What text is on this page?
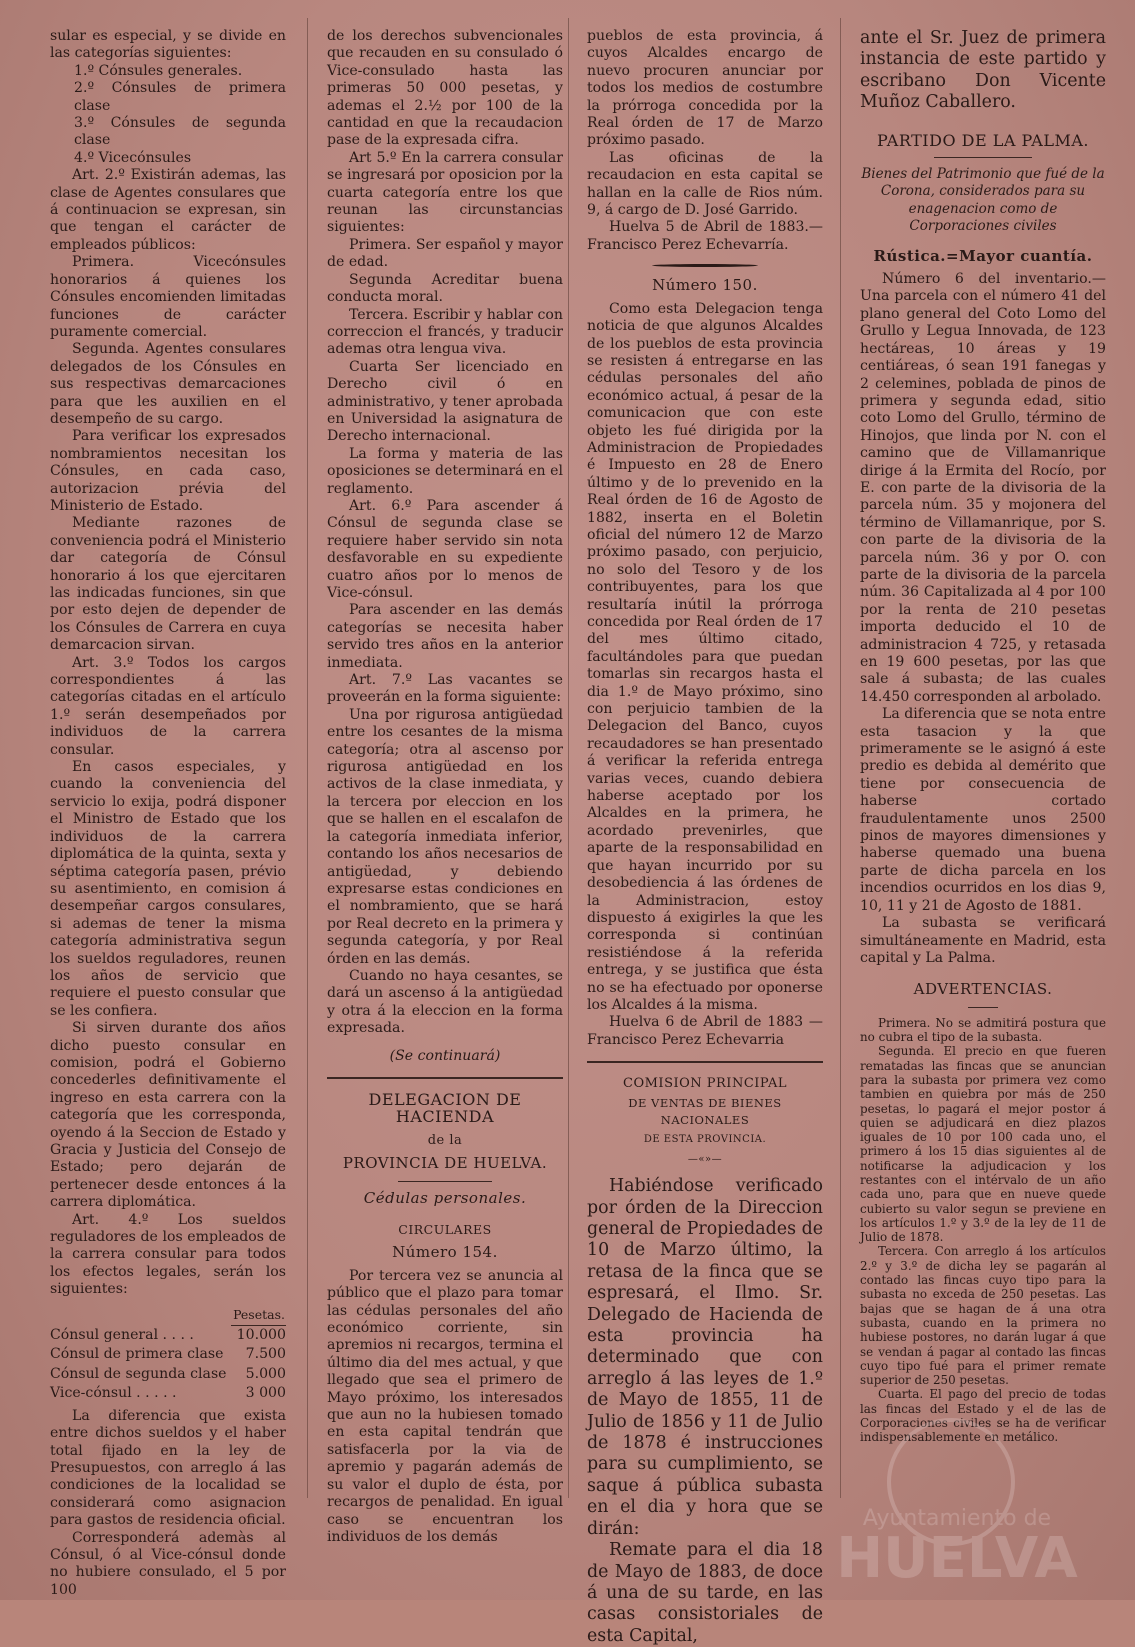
sular es especial, y se divide en las categorías siguientes:

1.º Cónsules generales.

2.º Cónsules de primera clase

3.º Cónsules de segunda clase

4.º Vicecónsules

Art. 2.º Existirán ademas, las clase de Agentes consulares que á continuacion se expresan, sin que tengan el carácter de empleados públicos:

Primera. Vicecónsules honorarios á quienes los Cónsules encomienden limitadas funciones de carácter puramente comercial.

Segunda. Agentes consulares delegados de los Cónsules en sus respectivas demarcaciones para que les auxilien en el desempeño de su cargo.

Para verificar los expresados nombramientos necesitan los Cónsules, en cada caso, autorizacion prévia del Ministerio de Estado.

Mediante razones de conveniencia podrá el Ministerio dar categoría de Cónsul honorario á los que ejercitaren las indicadas funciones, sin que por esto dejen de depender de los Cónsules de Carrera en cuya demarcacion sirvan.

Art. 3.º Todos los cargos correspondientes á las categorías citadas en el artículo 1.º serán desempeñados por individuos de la carrera consular.

En casos especiales, y cuando la conveniencia del servicio lo exija, podrá disponer el Ministro de Estado que los individuos de la carrera diplomática de la quinta, sexta y séptima categoría pasen, prévio su asentimiento, en comision á desempeñar cargos consulares, si ademas de tener la misma categoría administrativa segun los sueldos reguladores, reunen los años de servicio que requiere el puesto consular que se les confiera.

Si sirven durante dos años dicho puesto consular en comision, podrá el Gobierno concederles definitivamente el ingreso en esta carrera con la categoría que les corresponda, oyendo á la Seccion de Estado y Gracia y Justicia del Consejo de Estado; pero dejarán de pertenecer desde entonces á la carrera diplomática.

Art. 4.º Los sueldos reguladores de los empleados de la carrera consular para todos los efectos legales, serán los siguientes:

	Pesetas.
Cónsul general . . . .	10.000
Cónsul de primera clase	7.500
Cónsul de segunda clase	5.000
Vice-cónsul . . . . .	3 000

La diferencia que exista entre dichos sueldos y el haber total fijado en la ley de Presupuestos, con arreglo á las condiciones de la localidad se considerará como asignacion para gastos de residencia oficial.

Corresponderá ademàs al Cónsul, ó al Vice-cónsul donde no hubiere consulado, el 5 por 100

de los derechos subvencionales que recauden en su consulado ó Vice-consulado hasta las primeras 50 000 pesetas, y ademas el 2.½ por 100 de la cantidad en que la recaudacion pase de la expresada cifra.

Art 5.º En la carrera consular se ingresará por oposicion por la cuarta categoría entre los que reunan las circunstancias siguientes:

Primera. Ser español y mayor de edad.

Segunda Acreditar buena conducta moral.

Tercera. Escribir y hablar con correccion el francés, y traducir ademas otra lengua viva.

Cuarta Ser licenciado en Derecho civil ó en administrativo, y tener aprobada en Universidad la asignatura de Derecho internacional.

La forma y materia de las oposiciones se determinará en el reglamento.

Art. 6.º Para ascender á Cónsul de segunda clase se requiere haber servido sin nota desfavorable en su expediente cuatro años por lo menos de Vice-cónsul.

Para ascender en las demás categorías se necesita haber servido tres años en la anterior inmediata.

Art. 7.º Las vacantes se proveerán en la forma siguiente:

Una por rigurosa antigüedad entre los cesantes de la misma categoría; otra al ascenso por rigurosa antigüedad en los activos de la clase inmediata, y la tercera por eleccion en los que se hallen en el escalafon de la categoría inmediata inferior, contando los años necesarios de antigüedad, y debiendo expresarse estas condiciones en el nombramiento, que se hará por Real decreto en la primera y segunda categoría, y por Real órden en las demás.

Cuando no haya cesantes, se dará un ascenso á la antigüedad y otra á la eleccion en la forma expresada.

(Se continuará)

DELEGACION DE HACIENDA
de la
PROVINCIA DE HUELVA.
Cédulas personales.
CIRCULARES
Número 154.

Por tercera vez se anuncia al público que el plazo para tomar las cédulas personales del año económico corriente, sin apremios ni recargos, termina el último dia del mes actual, y que llegado que sea el primero de Mayo próximo, los interesados que aun no la hubiesen tomado en esta capital tendrán que satisfacerla por la via de apremio y pagarán además de su valor el duplo de ésta, por recargos de penalidad. En igual caso se encuentran los individuos de los demás

pueblos de esta provincia, á cuyos Alcaldes encargo de nuevo procuren anunciar por todos los medios de costumbre la prórroga concedida por la Real órden de 17 de Marzo próximo pasado.

Las oficinas de la recaudacion en esta capital se hallan en la calle de Rios núm. 9, á cargo de D. José Garrido.

Huelva 5 de Abril de 1883.— Francisco Perez Echevarría.

Número 150.

Como esta Delegacion tenga noticia de que algunos Alcaldes de los pueblos de esta provincia se resisten á entregarse en las cédulas personales del año económico actual, á pesar de la comunicacion que con este objeto les fué dirigida por la Administracion de Propiedades é Impuesto en 28 de Enero último y de lo prevenido en la Real órden de 16 de Agosto de 1882, inserta en el Boletin oficial del número 12 de Marzo próximo pasado, con perjuicio, no solo del Tesoro y de los contribuyentes, para los que resultaría inútil la prórroga concedida por Real órden de 17 del mes último citado, facultándoles para que puedan tomarlas sin recargos hasta el dia 1.º de Mayo próximo, sino con perjuicio tambien de la Delegacion del Banco, cuyos recaudadores se han presentado á verificar la referida entrega varias veces, cuando debiera haberse aceptado por los Alcaldes en la primera, he acordado prevenirles, que aparte de la responsabilidad en que hayan incurrido por su desobediencia á las órdenes de la Administracion, estoy dispuesto á exigirles la que les corresponda si continúan resistiéndose á la referida entrega, y se justifica que ésta no se ha efectuado por oponerse los Alcaldes á la misma.

Huelva 6 de Abril de 1883 — Francisco Perez Echevarria

COMISION PRINCIPAL
DE VENTAS DE BIENES NACIONALES
DE ESTA PROVINCIA.
—«»—

Habiéndose verificado por órden de la Direccion general de Propiedades de 10 de Marzo último, la retasa de la finca que se espresará, el Ilmo. Sr. Delegado de Hacienda de esta provincia ha determinado que con arreglo á las leyes de 1.º de Mayo de 1855, 11 de Julio de 1856 y 11 de Julio de 1878 é instrucciones para su cumplimiento, se saque á pública subasta en el dia y hora que se dirán:

Remate para el dia 18 de Mayo de 1883, de doce á una de su tarde, en las casas consistoriales de esta Capital,

ante el Sr. Juez de primera instancia de este partido y escribano Don Vicente Muñoz Caballero.

PARTIDO DE LA PALMA.

Bienes del Patrimonio que fué de la Corona, considerados para su enagenacion como de Corporaciones civiles

Rústica.=Mayor cuantía.

Número 6 del inventario.— Una parcela con el número 41 del plano general del Coto Lomo del Grullo y Legua Innovada, de 123 hectáreas, 10 áreas y 19 centiáreas, ó sean 191 fanegas y 2 celemines, poblada de pinos de primera y segunda edad, sitio coto Lomo del Grullo, término de Hinojos, que linda por N. con el camino que de Villamanrique dirige á la Ermita del Rocío, por E. con parte de la divisoria de la parcela núm. 35 y mojonera del término de Villamanrique, por S. con parte de la divisoria de la parcela núm. 36 y por O. con parte de la divisoria de la parcela núm. 36 Capitalizada al 4 por 100 por la renta de 210 pesetas importa deducido el 10 de administracion 4 725, y retasada en 19 600 pesetas, por las que sale á subasta; de las cuales 14.450 corresponden al arbolado.

La diferencia que se nota entre esta tasacion y la que primeramente se le asignó á este predio es debida al demérito que tiene por consecuencia de haberse cortado fraudulentamente unos 2500 pinos de mayores dimensiones y haberse quemado una buena parte de dicha parcela en los incendios ocurridos en los dias 9, 10, 11 y 21 de Agosto de 1881.

La subasta se verificará simultáneamente en Madrid, esta capital y La Palma.

ADVERTENCIAS.

Primera. No se admitirá postura que no cubra el tipo de la subasta.

Segunda. El precio en que fueren rematadas las fincas que se anuncian para la subasta por primera vez como tambien en quiebra por más de 250 pesetas, lo pagará el mejor postor á quien se adjudicará en diez plazos iguales de 10 por 100 cada uno, el primero á los 15 dias siguientes al de notificarse la adjudicacion y los restantes con el intérvalo de un año cada uno, para que en nueve quede cubierto su valor segun se previene en los artículos 1.º y 3.º de la ley de 11 de Julio de 1878.

Tercera. Con arreglo á los artículos 2.º y 3.º de dicha ley se pagarán al contado las fincas cuyo tipo para la subasta no exceda de 250 pesetas. Las bajas que se hagan de á una otra subasta, cuando en la primera no hubiese postores, no darán lugar á que se vendan á pagar al contado las fincas cuyo tipo fué para el primer remate superior de 250 pesetas.

Cuarta. El pago del precio de todas las fincas del Estado y el de las de Corporaciones civiles se ha de verificar indispensablemente en metálico.

Ayuntamiento de
HUELVA
